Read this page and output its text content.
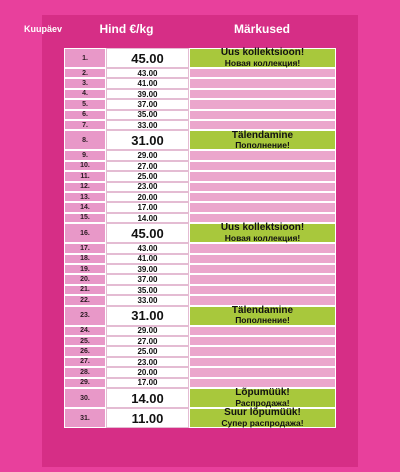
Kuupäev	Hind €/kg	Märkused
1.	45.00	Uus kollektsioon!
Новая коллекция!
2.	43.00
3.	41.00
4.	39.00
5.	37.00
6.	35.00
7.	33.00
8.	31.00	Tälendamine
Пополнение!
9.	29.00
10.	27.00
11.	25.00
12.	23.00
13.	20.00
14.	17.00
15.	14.00
16.	45.00	Uus kollektsioon!
Новая коллекция!
17.	43.00
18.	41.00
19.	39.00
20.	37.00
21.	35.00
22.	33.00
23.	31.00	Tälendamine
Пополнение!
24.	29.00
25.	27.00
26.	25.00
27.	23.00
28.	20.00
29.	17.00
30.	14.00	Lõpumüük!
Распродажа!
31.	11.00	Suur lõpumüük!
Супер распродажа!
